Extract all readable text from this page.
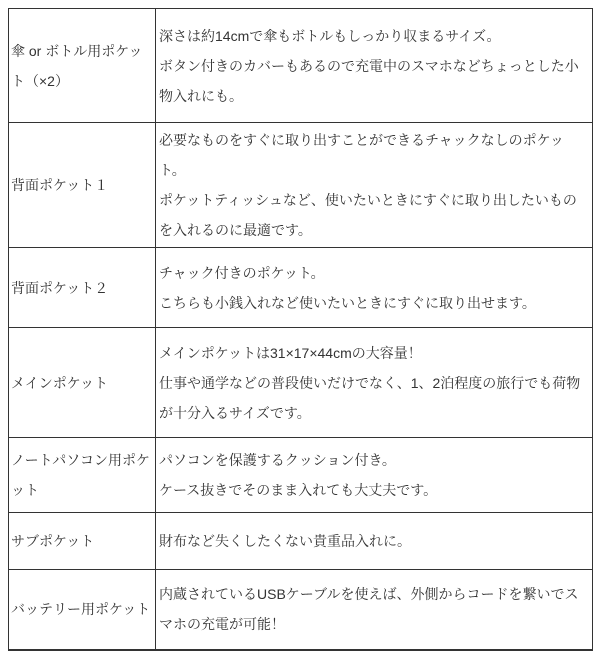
傘 or ボトル用ポケット（×2）	深さは約14cmで傘もボトルもしっかり収まるサイズ。
ボタン付きのカバーもあるので充電中のスマホなどちょっとした小物入れにも。

背面ポケット１	必要なものをすぐに取り出すことができるチャックなしのポケット。
ポケットティッシュなど、使いたいときにすぐに取り出したいものを入れるのに最適です。

背面ポケット２	チャック付きのポケット。
こちらも小銭入れなど使いたいときにすぐに取り出せます。

メインポケット	メインポケットは31×17×44cmの大容量！
仕事や通学などの普段使いだけでなく、1、2泊程度の旅行でも荷物が十分入るサイズです。

ノートパソコン用ポケット	パソコンを保護するクッション付き。
ケース抜きでそのまま入れても大丈夫です。

サブポケット	財布など失くしたくない貴重品入れに。

バッテリー用ポケット	内蔵されているUSBケーブルを使えば、外側からコードを繋いでスマホの充電が可能！
